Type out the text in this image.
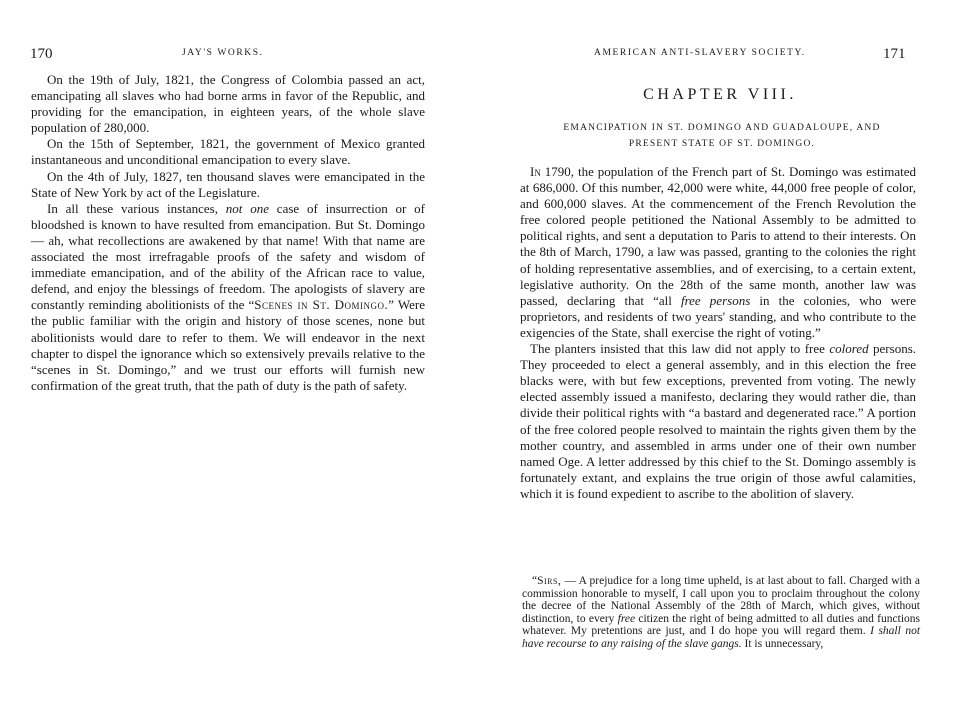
170	JAY'S WORKS.

On the 19th of July, 1821, the Congress of Colombia passed an act, emancipating all slaves who had borne arms in favor of the Republic, and providing for the emancipation, in eighteen years, of the whole slave population of 280,000.

On the 15th of September, 1821, the government of Mexico granted instantaneous and unconditional emancipation to every slave.

On the 4th of July, 1827, ten thousand slaves were emancipated in the State of New York by act of the Legislature.

In all these various instances, not one case of insurrection or of bloodshed is known to have resulted from emancipation. But St. Domingo — ah, what recollections are awakened by that name! With that name are associated the most irrefragable proofs of the safety and wisdom of immediate emancipation, and of the ability of the African race to value, defend, and enjoy the blessings of freedom. The apologists of slavery are constantly reminding abolitionists of the “Scenes in St. Domingo.” Were the public familiar with the origin and history of those scenes, none but abolitionists would dare to refer to them. We will endeavor in the next chapter to dispel the ignorance which so extensively prevails relative to the “scenes in St. Domingo,” and we trust our efforts will furnish new confirmation of the great truth, that the path of duty is the path of safety.

AMERICAN ANTI-SLAVERY SOCIETY.	171
CHAPTER VIII.
EMANCIPATION IN ST. DOMINGO AND GUADALOUPE, AND
PRESENT STATE OF ST. DOMINGO.

In 1790, the population of the French part of St. Domingo was estimated at 686,000. Of this number, 42,000 were white, 44,000 free people of color, and 600,000 slaves. At the commencement of the French Revolution the free colored people petitioned the National Assembly to be admitted to political rights, and sent a deputation to Paris to attend to their interests. On the 8th of March, 1790, a law was passed, granting to the colonies the right of holding representative assemblies, and of exercising, to a certain extent, legislative authority. On the 28th of the same month, another law was passed, declaring that “all free persons in the colonies, who were proprietors, and residents of two years' standing, and who contribute to the exigencies of the State, shall exercise the right of voting.”

The planters insisted that this law did not apply to free colored persons. They proceeded to elect a general assembly, and in this election the free blacks were, with but few exceptions, prevented from voting. The newly elected assembly issued a manifesto, declaring they would rather die, than divide their political rights with “a bastard and degenerated race.” A portion of the free colored people resolved to maintain the rights given them by the mother country, and assembled in arms under one of their own number named Oge. A letter addressed by this chief to the St. Domingo assembly is fortunately extant, and explains the true origin of those awful calamities, which it is found expedient to ascribe to the abolition of slavery.

“Sirs, — A prejudice for a long time upheld, is at last about to fall. Charged with a commission honorable to myself, I call upon you to proclaim throughout the colony the decree of the National Assembly of the 28th of March, which gives, without distinction, to every free citizen the right of being admitted to all duties and functions whatever. My pretentions are just, and I do hope you will regard them. I shall not have recourse to any raising of the slave gangs. It is unnecessary,
